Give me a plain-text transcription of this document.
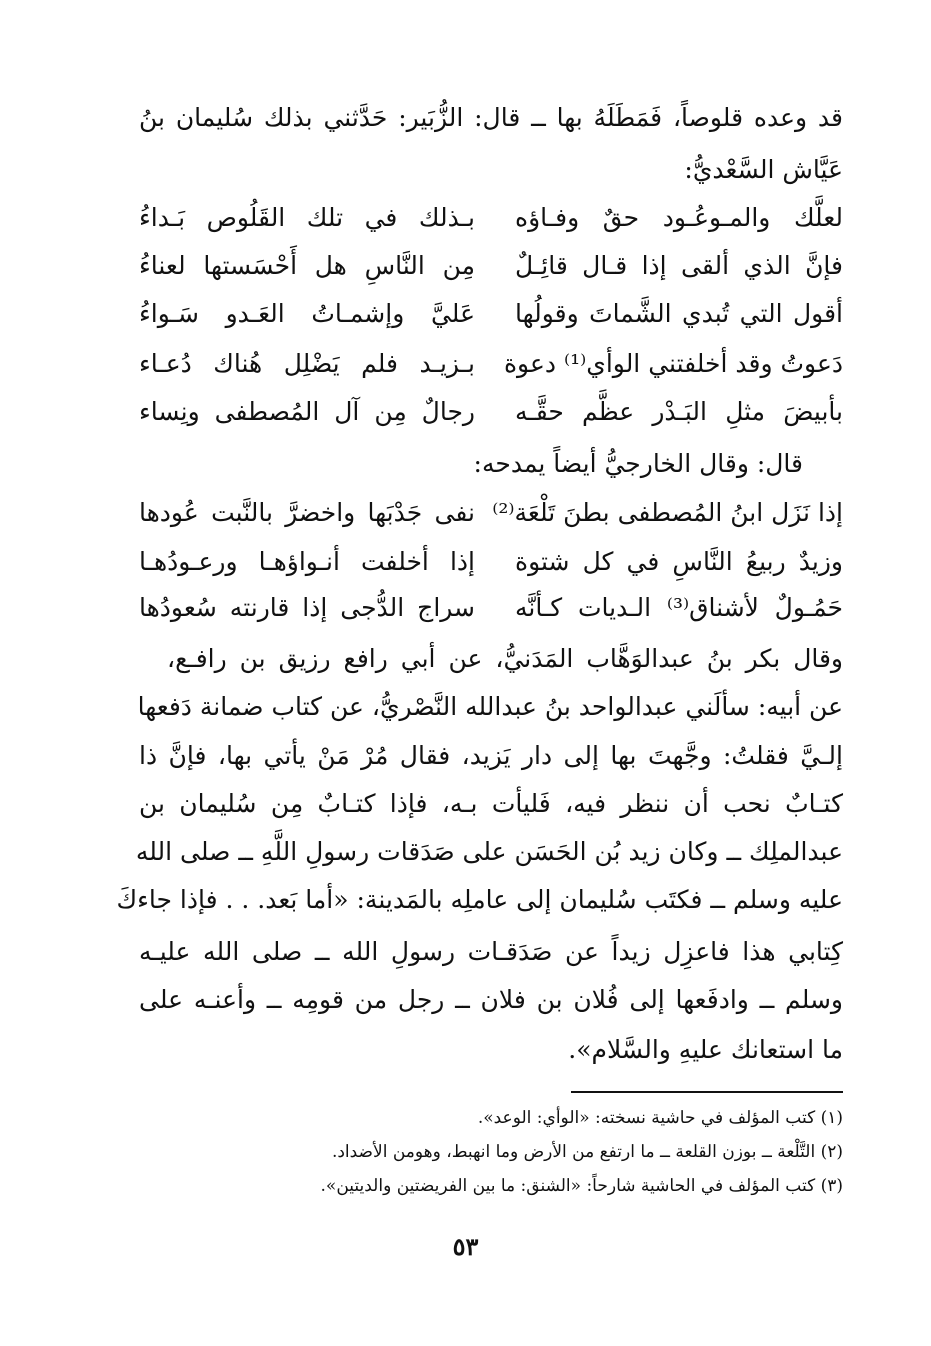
قد وعده قلوصاً، فَمَطَلَهُ بها ــ قال: الزُّبَير: حَدَّثني بذلك سُليمان بنُ
عَيَّاش السَّعْديُّ:
لعلَّك والمـوعُـود حقٌ وفـاؤه
بـذلك في تلك القَلُوص بَـداءُ
فإنَّ الذي ألقى إذا قـال قائِـلٌ
مِن النَّاسِ هل أَحْسَستها لعناءُ
أقول التي تُبدي الشَّماتَ وقولُها
عَليَّ وإشمـاتُ العَـدو سَـواءُ
دَعوتُ وقد أخلفتني الوأي⁽¹⁾ دعوة
بـزيـد فلم يَضْلِل هُناك دُعـاء
بأبيضَ مثلِ البَـدْر عظَّم حقَّـه
رجالٌ مِن آل المُصطفى ونِساء
قال: وقال الخارجيُّ أيضاً يمدحه:
إذا نَزَل ابنُ المُصطفى بطنَ تَلْعَة⁽²⁾
نفى جَدْبَها واخضرَّ بالنَّبت عُودها
وزيدٌ ربيعُ النَّاسِ في كل شتوة
إذا أخلفت أنـواؤهـا ورعـودُهـا
حَمُـولٌ لأشناق⁽³⁾ الـديات كـأنَّه
سراج الدُّجى إذا قارنته سُعودُها
وقال بكر بنُ عبدالوَهَّاب المَدَنيُّ، عن أبي رافع رزيق بن رافـع،
عن أبيه: سألَني عبدالواحد بنُ عبدالله النَّصْريُّ، عن كتاب ضمانة دَفعها
إلـيَّ فقلتُ: وجَّهتَ بها إلى دار يَزيد، فقال مُرْ مَنْ يأتي بها، فإنَّ ذا
كتـابٌ نحب أن ننظر فيه، فَليأت بـه، فإذا كتـابٌ مِن سُليمان بن
عبدالملِك ــ وكان زيد بُن الحَسَن على صَدَقات رسولِ اللَّهِ ــ صلى الله
عليه وسلم ــ فكتَب سُليمان إلى عاملِه بالمَدينة: «أما بَعد. . . فإذا جاءكَ
كِتابي هذا فاعزِل زيداً عن صَدَقـات رسولِ الله ــ صلى الله عليـه
وسلم ــ وادفَعها إلى فُلان بن فلان ــ رجل من قومِه ــ وأعنـه على
ما استعانك عليهِ والسَّلام».
(١) كتب المؤلف في حاشية نسخته: «الوأي: الوعد».
(٢) التَّلْعة ــ بوزن القلعة ــ ما ارتفع من الأرض وما انهبط، وهومن الأضداد.
(٣) كتب المؤلف في الحاشية شارحاً: «الشنق: ما بين الفريضتين والديتين».
٥٣
